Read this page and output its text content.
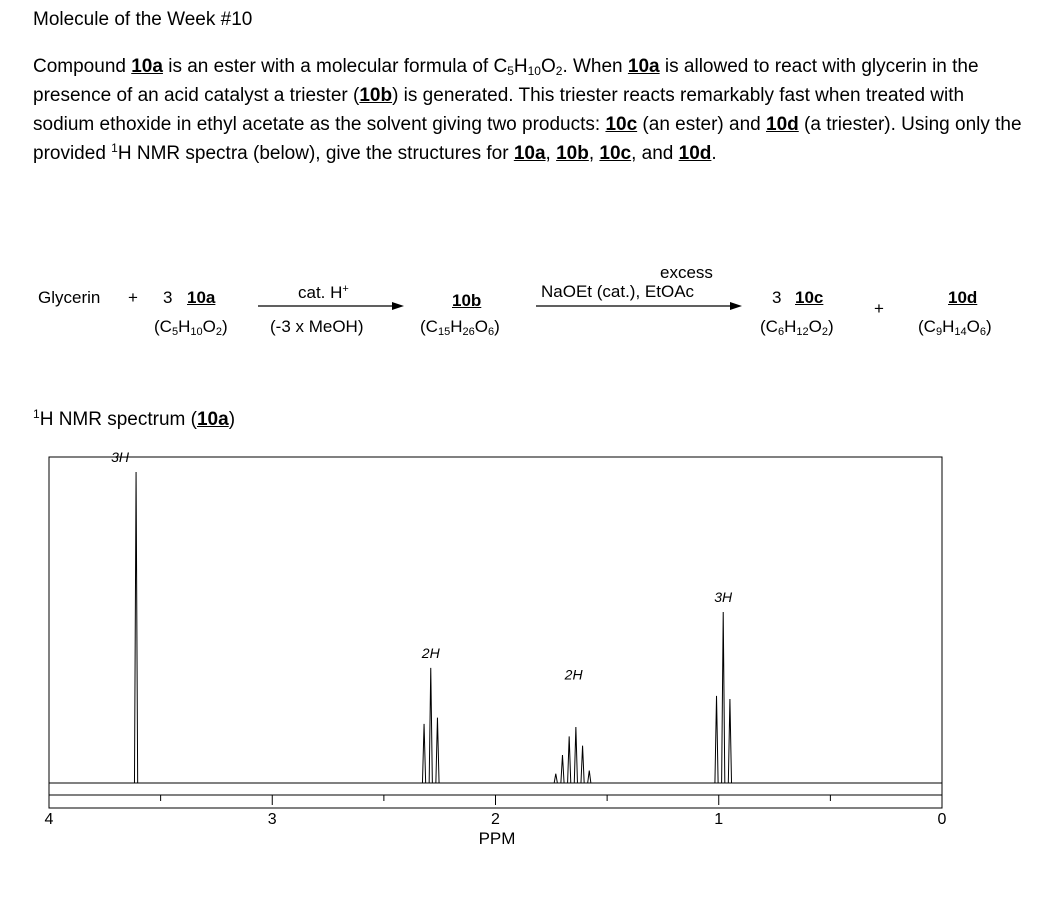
Molecule of the Week #10
Compound 10a is an ester with a molecular formula of $C_5H_{10}O_2$. When 10a is allowed to react with glycerin in the presence of an acid catalyst a triester (10b) is generated. This triester reacts remarkably fast when treated with sodium ethoxide in ethyl acetate as the solvent giving two products: 10c (an ester) and 10d (a triester). Using only the provided $^1$H NMR spectra (below), give the structures for 10a, 10b, 10c, and 10d.
Glycerin + 3 10a
$(C_5H_{10}O_2)$
cat. H+
(-3 x MeOH)
10b
$(C_{15}H_{26}O_6)$
excess
NaOEt (cat.), EtOAc	3 10c
$(C_6H_{12}O_2)$
+
10d
$(C_9H_{14}O_6)$
$^1$H NMR spectrum (10a)
4	3	2	1	0
3H
2H
2H
3H
PPM
